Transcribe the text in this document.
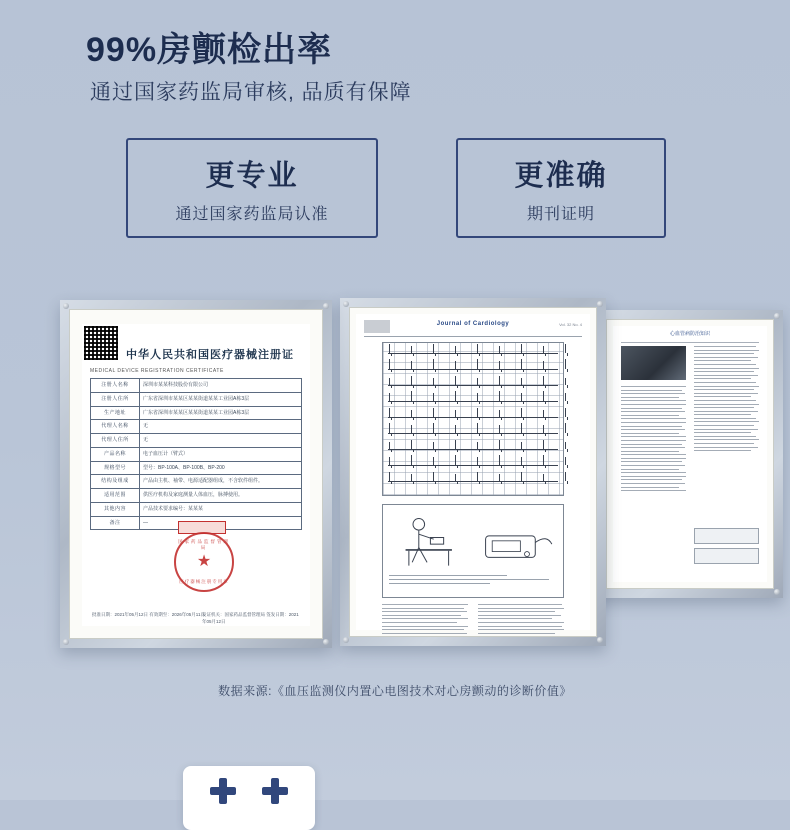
99%房颤检出率
通过国家药监局审核, 品质有保障
更专业
通过国家药监局认准
更准确
期刊证明
心血管病防治知识
Journal of Cardiology	Vol. 32 No. 4
中华人民共和国医疗器械注册证
MEDICAL DEVICE REGISTRATION CERTIFICATE
注册人名称	深圳市某某科技股份有限公司
注册人住所	广东省深圳市某某区某某街道某某工业园A栋3层
生产地址	广东省深圳市某某区某某街道某某工业园A栋3层
代理人名称	无
代理人住所	无
产品名称	电子血压计（臂式）
规格型号	型号：BP-100A、BP-100B、BP-200
结构及组成	产品由主机、袖带、电源适配器组成，不含软件组件。
适用范围	供医疗机构及家庭测量人体血压，脉搏使用。
其他内容	产品技术要求编号：某某某
备注	—
国家药品监督管理局
★
医疗器械注册专用章
批准日期：2021年05月12日 有效期至：2026年05月11日
发证机关：国家药品监督管理局 签发日期：2021年05月12日
数据来源:《血压监测仪内置心电图技术对心房颤动的诊断价值》
